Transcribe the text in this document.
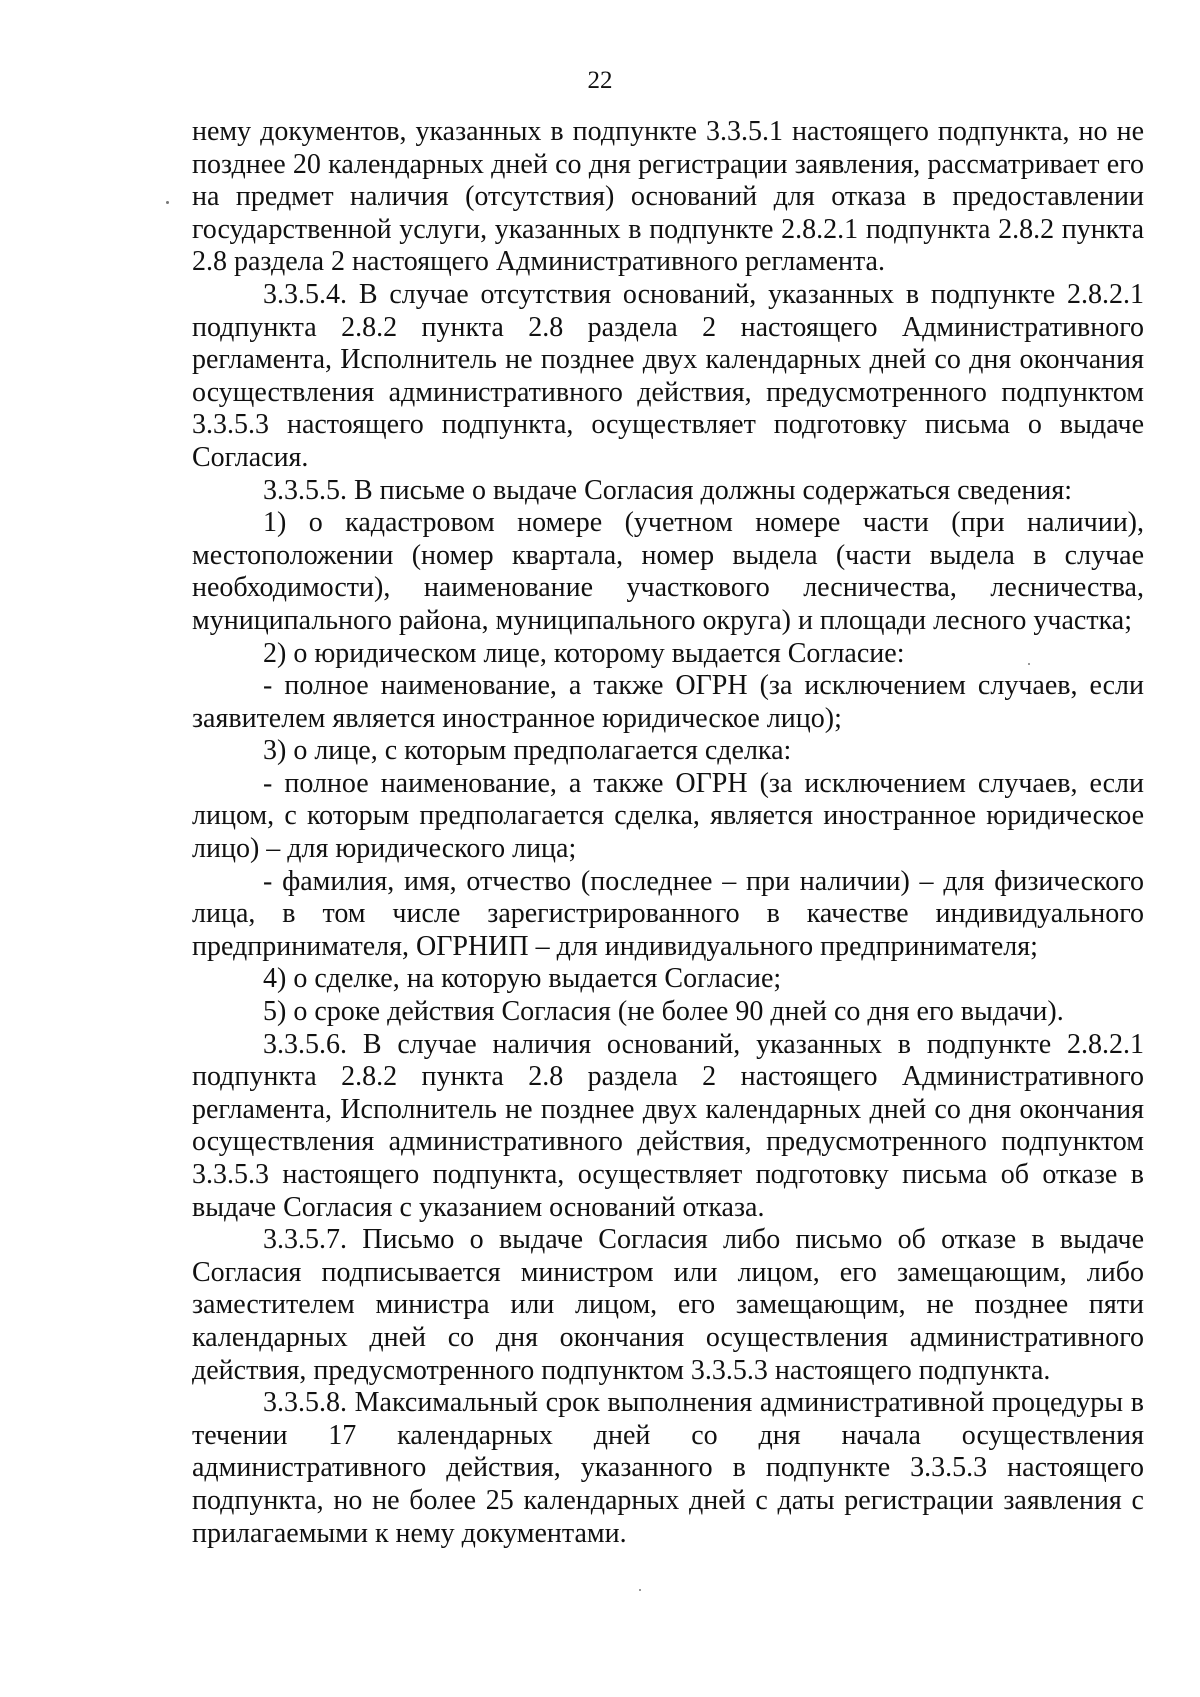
22

нему документов, указанных в подпункте 3.3.5.1 настоящего подпункта, но не позднее 20 календарных дней со дня регистрации заявления, рассматривает его на предмет наличия (отсутствия) оснований для отказа в предоставлении государственной услуги, указанных в подпункте 2.8.2.1 подпункта 2.8.2 пункта 2.8 раздела 2 настоящего Административного регламента.

3.3.5.4. В случае отсутствия оснований, указанных в подпункте 2.8.2.1 подпункта 2.8.2 пункта 2.8 раздела 2 настоящего Административного регламента, Исполнитель не позднее двух календарных дней со дня окончания осуществления административного действия, предусмотренного подпунктом 3.3.5.3 настоящего подпункта, осуществляет подготовку письма о выдаче Согласия.

3.3.5.5. В письме о выдаче Согласия должны содержаться сведения:

1) о кадастровом номере (учетном номере части (при наличии), местоположении (номер квартала, номер выдела (части выдела в случае необходимости), наименование участкового лесничества, лесничества, муниципального района, муниципального округа) и площади лесного участка;

2) о юридическом лице, которому выдается Согласие:

- полное наименование, а также ОГРН (за исключением случаев, если заявителем является иностранное юридическое лицо);

3) о лице, с которым предполагается сделка:

- полное наименование, а также ОГРН (за исключением случаев, если лицом, с которым предполагается сделка, является иностранное юридическое лицо) – для юридического лица;

- фамилия, имя, отчество (последнее – при наличии) – для физического лица, в том числе зарегистрированного в качестве индивидуального предпринимателя, ОГРНИП – для индивидуального предпринимателя;

4) о сделке, на которую выдается Согласие;

5) о сроке действия Согласия (не более 90 дней со дня его выдачи).

3.3.5.6. В случае наличия оснований, указанных в подпункте 2.8.2.1 подпункта 2.8.2 пункта 2.8 раздела 2 настоящего Административного регламента, Исполнитель не позднее двух календарных дней со дня окончания осуществления административного действия, предусмотренного подпунктом 3.3.5.3 настоящего подпункта, осуществляет подготовку письма об отказе в выдаче Согласия с указанием оснований отказа.

3.3.5.7. Письмо о выдаче Согласия либо письмо об отказе в выдаче Согласия подписывается министром или лицом, его замещающим, либо заместителем министра или лицом, его замещающим, не позднее пяти календарных дней со дня окончания осуществления административного действия, предусмотренного подпунктом 3.3.5.3 настоящего подпункта.

3.3.5.8. Максимальный срок выполнения административной процедуры в течении 17 календарных дней со дня начала осуществления административного действия, указанного в подпункте 3.3.5.3 настоящего подпункта, но не более 25 календарных дней с даты регистрации заявления с прилагаемыми к нему документами.
